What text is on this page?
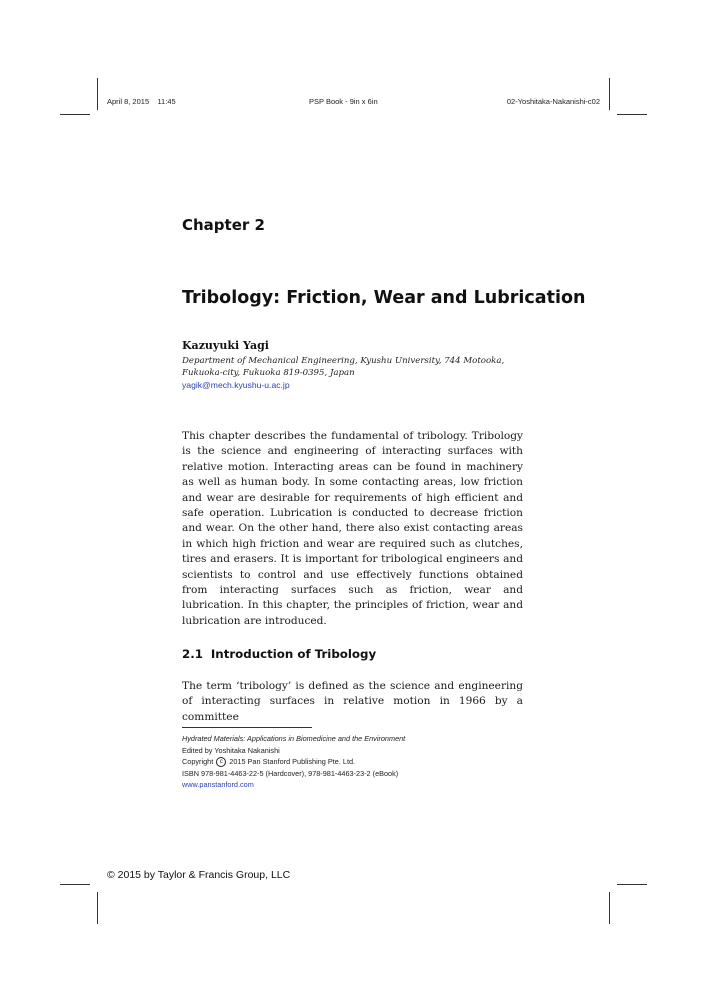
April 8, 2015    11:45	PSP Book - 9in x 6in	02-Yoshitaka-Nakanishi-c02
Chapter 2
Tribology: Friction, Wear and Lubrication
Kazuyuki Yagi
Department of Mechanical Engineering, Kyushu University, 744 Motooka,
Fukuoka-city, Fukuoka 819-0395, Japan
yagik@mech.kyushu-u.ac.jp
This chapter describes the fundamental of tribology. Tribology is the science and engineering of interacting surfaces with relative motion. Interacting areas can be found in machinery as well as human body. In some contacting areas, low friction and wear are desirable for requirements of high efficient and safe operation. Lubrication is conducted to decrease friction and wear. On the other hand, there also exist contacting areas in which high friction and wear are required such as clutches, tires and erasers. It is important for tribological engineers and scientists to control and use effectively functions obtained from interacting surfaces such as friction, wear and lubrication. In this chapter, the principles of friction, wear and lubrication are introduced.
2.1 Introduction of Tribology
The term ‘tribology’ is defined as the science and engineering of interacting surfaces in relative motion in 1966 by a committee
Hydrated Materials: Applications in Biomedicine and the Environment
Edited by Yoshitaka Nakanishi
Copyright c 2015 Pan Stanford Publishing Pte. Ltd.
ISBN 978-981-4463-22-5 (Hardcover), 978-981-4463-23-2 (eBook)
www.panstanford.com
© 2015 by Taylor & Francis Group, LLC
